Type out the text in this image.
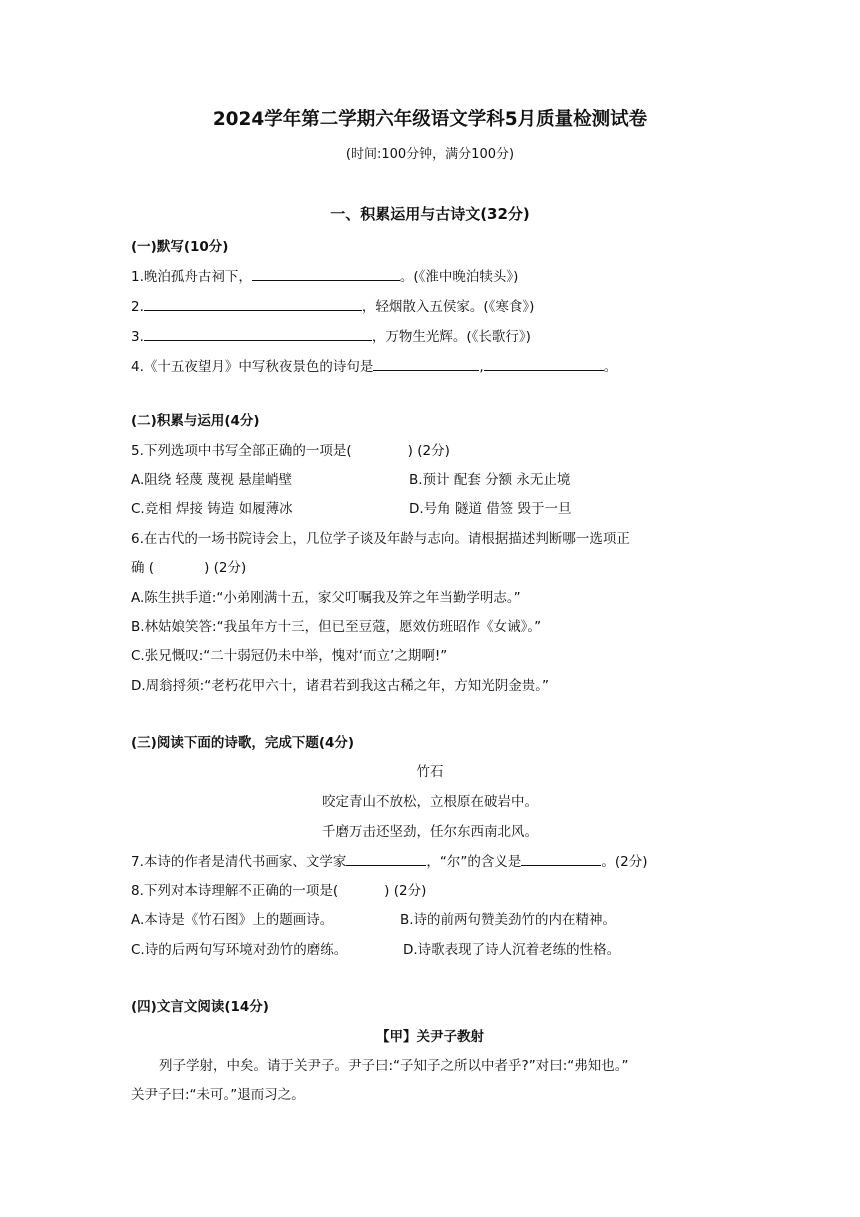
2024学年第二学期六年级语文学科5月质量检测试卷
(时间:100分钟，满分100分)
一、积累运用与古诗文(32分)
(一)默写(10分)
1.晚泊孤舟古祠下，	。(《淮中晚泊犊头》)
2.	，轻烟散入五侯家。(《寒食》)
3.	，万物生光辉。(《长歌行》)
4.《十五夜望月》中写秋夜景色的诗句是	,	。
(二)积累与运用(4分)
5.下列选项中书写全部正确的一项是(	) (2分)
A.阻绕 轻蔑 蔑视 悬崖峭壁	B.预计 配套 分额 永无止境
C.竞相 焊接 铸造 如履薄冰	D.号角 隧道 借签 毁于一旦
6.在古代的一场书院诗会上，几位学子谈及年龄与志向。请根据描述判断哪一选项正
确 (	) (2分)
A.陈生拱手道:“小弟刚满十五，家父叮嘱我及笄之年当勤学明志。”
B.林姑娘笑答:“我虽年方十三，但已至豆蔻，愿效仿班昭作《女诫》。”
C.张兄慨叹:“二十弱冠仍未中举，愧对‘而立’之期啊!”
D.周翁捋须:“老朽花甲六十，诸君若到我这古稀之年，方知光阴金贵。”
(三)阅读下面的诗歌，完成下题(4分)
竹石
咬定青山不放松，立根原在破岩中。
千磨万击还坚劲，任尔东西南北风。
7.本诗的作者是清代书画家、文学家	，“尔”的含义是	。(2分)
8.下列对本诗理解不正确的一项是(	) (2分)
A.本诗是《竹石图》上的题画诗。	B.诗的前两句赞美劲竹的内在精神。
C.诗的后两句写环境对劲竹的磨练。	D.诗歌表现了诗人沉着老练的性格。
(四)文言文阅读(14分)
【甲】关尹子教射
列子学射，中矣。请于关尹子。尹子曰:“子知子之所以中者乎?”对曰:“弗知也。”
关尹子曰:“未可。”退而习之。
